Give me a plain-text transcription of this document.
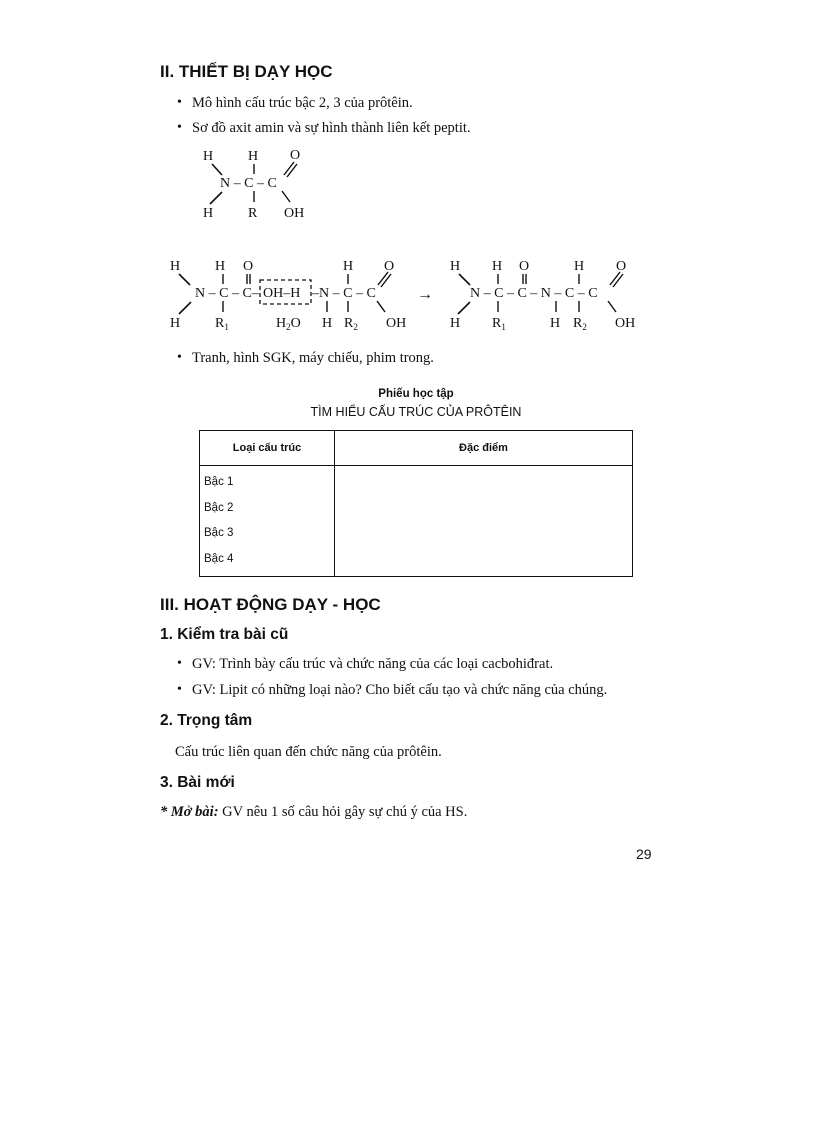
II. THIẾT BỊ DẠY HỌC
• Mô hình cấu trúc bậc 2, 3 của prôtêin.
• Sơ đồ axit amin và sự hình thành liên kết peptit.
H H O
N – C – C
H R OH
H H O
N – C – C–
H $R_1$
OH–H –N – C – C
$H_2O$
H O
H $R_2$ OH
→
H H O	H O
N – C – C – N – C – C
H $R_1$	H $R_2$ OH
• Tranh, hình SGK, máy chiếu, phim trong.
Phiếu học tập
TÌM HIỂU CẤU TRÚC CỦA PRÔTÊIN
Loại cấu trúc	Đặc điểm

Bậc 1
Bậc 2
Bậc 3
Bậc 4	

III. HOẠT ĐỘNG DẠY - HỌC
1. Kiểm tra bài cũ
• GV: Trình bày cấu trúc và chức năng của các loại cacbohiđrat.
• GV: Lipit có những loại nào? Cho biết cấu tạo và chức năng của chúng.
2. Trọng tâm
Cấu trúc liên quan đến chức năng của prôtêin.
3. Bài mới
* Mở bài: GV nêu 1 số câu hỏi gây sự chú ý của HS.
29
